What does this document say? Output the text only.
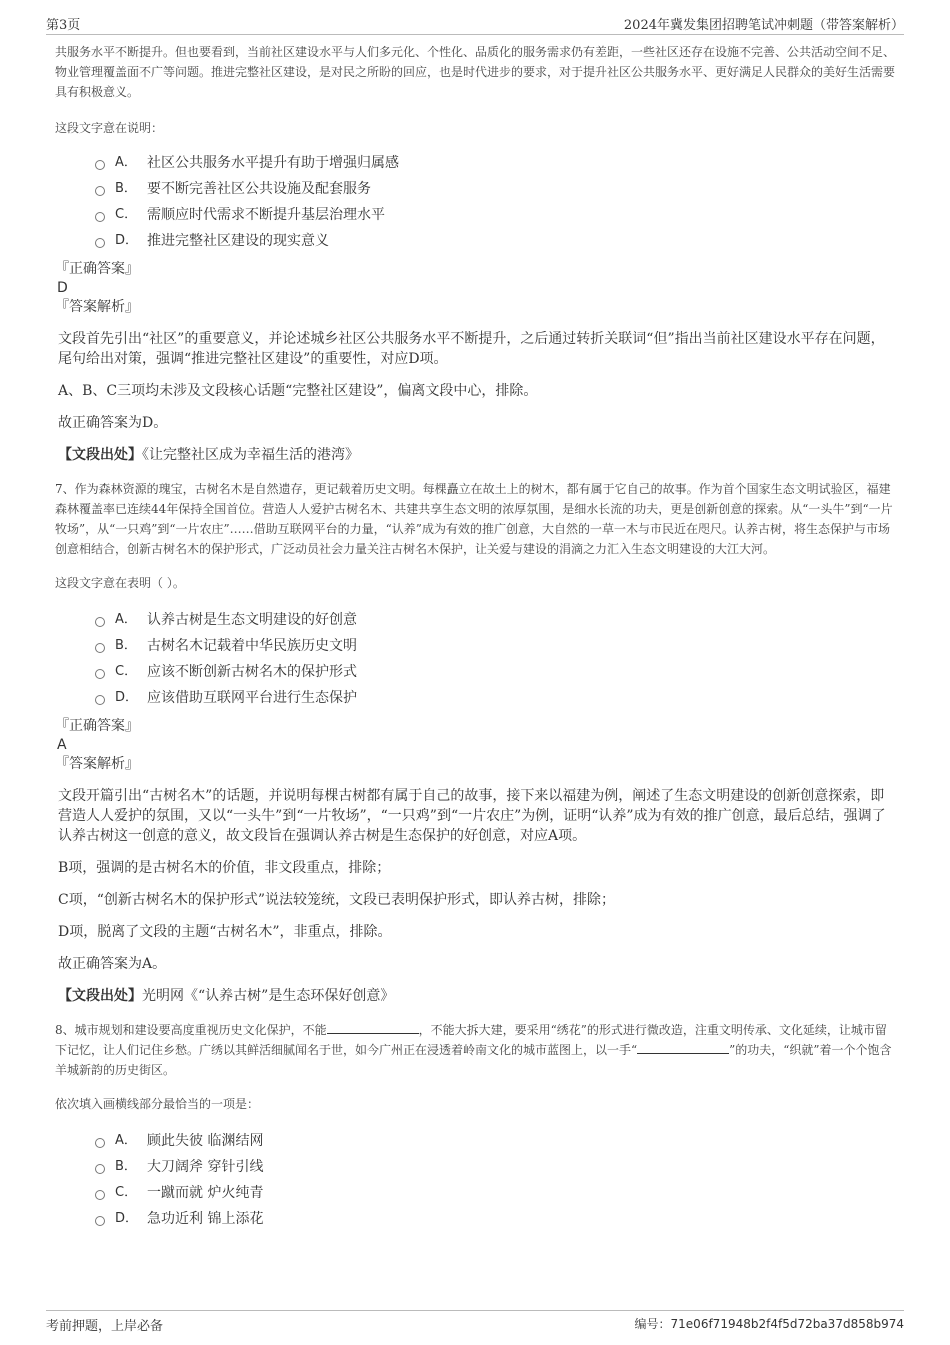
第3页	2024年冀发集团招聘笔试冲刺题（带答案解析）

共服务水平不断提升。但也要看到，当前社区建设水平与人们多元化、个性化、品质化的服务需求仍有差距，一些社区还存在设施不完善、公共活动空间不足、物业管理覆盖面不广等问题。推进完整社区建设，是对民之所盼的回应，也是时代进步的要求，对于提升社区公共服务水平、更好满足人民群众的美好生活需要具有积极意义。

这段文字意在说明：

A． 社区公共服务水平提升有助于增强归属感
B． 要不断完善社区公共设施及配套服务
C． 需顺应时代需求不断提升基层治理水平
D． 推进完整社区建设的现实意义

『正确答案』

D

『答案解析』

文段首先引出“社区”的重要意义，并论述城乡社区公共服务水平不断提升，之后通过转折关联词“但”指出当前社区建设水平存在问题，尾句给出对策，强调“推进完整社区建设”的重要性，对应D项。

A、B、C三项均未涉及文段核心话题“完整社区建设”，偏离文段中心，排除。

故正确答案为D。

【文段出处】《让完整社区成为幸福生活的港湾》

7、作为森林资源的瑰宝，古树名木是自然遗存，更记载着历史文明。每棵矗立在故土上的树木，都有属于它自己的故事。作为首个国家生态文明试验区，福建森林覆盖率已连续44年保持全国首位。营造人人爱护古树名木、共建共享生态文明的浓厚氛围，是细水长流的功夫，更是创新创意的探索。从“一头牛”到“一片牧场”，从“一只鸡”到“一片农庄”……借助互联网平台的力量，“认养”成为有效的推广创意，大自然的一草一木与市民近在咫尺。认养古树，将生态保护与市场创意相结合，创新古树名木的保护形式，广泛动员社会力量关注古树名木保护，让关爱与建设的涓滴之力汇入生态文明建设的大江大河。

这段文字意在表明（ ）。

A． 认养古树是生态文明建设的好创意
B． 古树名木记载着中华民族历史文明
C． 应该不断创新古树名木的保护形式
D． 应该借助互联网平台进行生态保护

『正确答案』

A

『答案解析』

文段开篇引出“古树名木”的话题，并说明每棵古树都有属于自己的故事，接下来以福建为例，阐述了生态文明建设的创新创意探索，即营造人人爱护的氛围，又以“一头牛”到“一片牧场”，“一只鸡”到“一片农庄”为例，证明“认养”成为有效的推广创意，最后总结，强调了认养古树这一创意的意义，故文段旨在强调认养古树是生态保护的好创意，对应A项。

B项，强调的是古树名木的价值，非文段重点，排除；

C项，“创新古树名木的保护形式”说法较笼统，文段已表明保护形式，即认养古树，排除；

D项，脱离了文段的主题“古树名木”，非重点，排除。

故正确答案为A。

【文段出处】光明网《“认养古树”是生态环保好创意》

8、城市规划和建设要高度重视历史文化保护，不能	，不能大拆大建，要采用“绣花”的形式进行微改造，注重文明传承、文化延续，让城市留下记忆，让人们记住乡愁。广绣以其鲜活细腻闻名于世，如今广州正在浸透着岭南文化的城市蓝图上，以一手“	”的功夫，“织就”着一个个饱含羊城新韵的历史街区。

依次填入画横线部分最恰当的一项是：

A． 顾此失彼 临渊结网
B． 大刀阔斧 穿针引线
C． 一蹴而就 炉火纯青
D． 急功近利 锦上添花
考前押题，上岸必备	编号：71e06f71948b2f4f5d72ba37d858b974
